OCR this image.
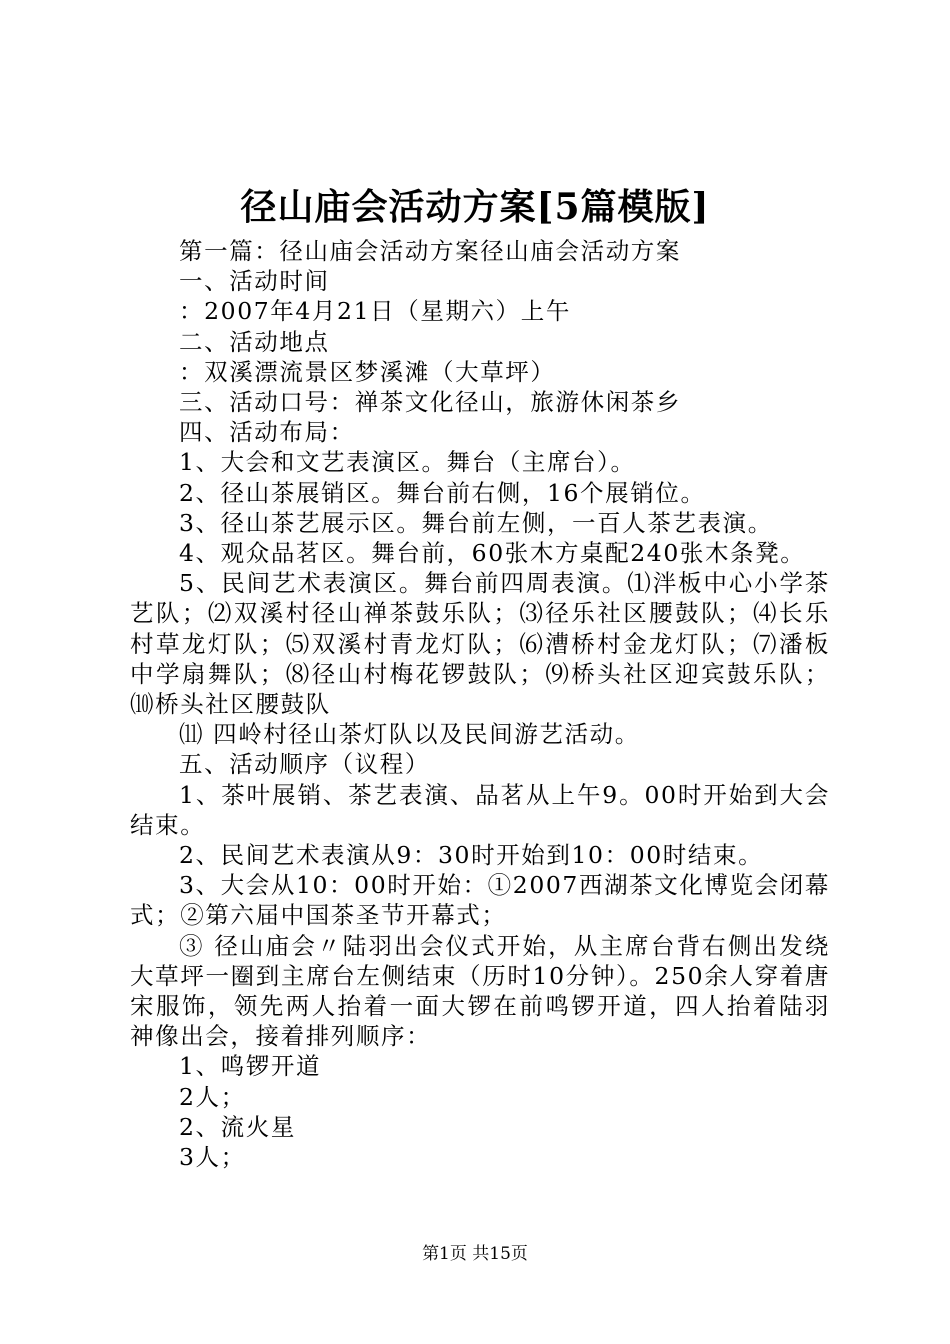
径山庙会活动方案[5篇模版]

第一篇：径山庙会活动方案径山庙会活动方案

一、活动时间

：2007年4月21日（星期六）上午

二、活动地点

：双溪漂流景区梦溪滩（大草坪）

三、活动口号：禅茶文化径山，旅游休闲茶乡

四、活动布局：

1、大会和文艺表演区。舞台（主席台）。

2、径山茶展销区。舞台前右侧，16个展销位。

3、径山茶艺展示区。舞台前左侧，一百人茶艺表演。

4、观众品茗区。舞台前，60张木方桌配240张木条凳。

5、民间艺术表演区。舞台前四周表演。⑴泮板中心小学茶艺队；⑵双溪村径山禅茶鼓乐队；⑶径乐社区腰鼓队；⑷长乐村草龙灯队；⑸双溪村青龙灯队；⑹漕桥村金龙灯队；⑺潘板中学扇舞队；⑻径山村梅花锣鼓队；⑼桥头社区迎宾鼓乐队；⑽桥头社区腰鼓队

⑾ 四岭村径山茶灯队以及民间游艺活动。

五、活动顺序（议程）

1、茶叶展销、茶艺表演、品茗从上午9。00时开始到大会结束。

2、民间艺术表演从9：30时开始到10：00时结束。

3、大会从10：00时开始：①2007西湖茶文化博览会闭幕式；②第六届中国茶圣节开幕式；

③ 径山庙会〃陆羽出会仪式开始，从主席台背右侧出发绕大草坪一圈到主席台左侧结束（历时10分钟）。250余人穿着唐宋服饰，领先两人抬着一面大锣在前鸣锣开道，四人抬着陆羽神像出会，接着排列顺序：

1、鸣锣开道

2人；

2、流火星

3人；

第1页 共15页
